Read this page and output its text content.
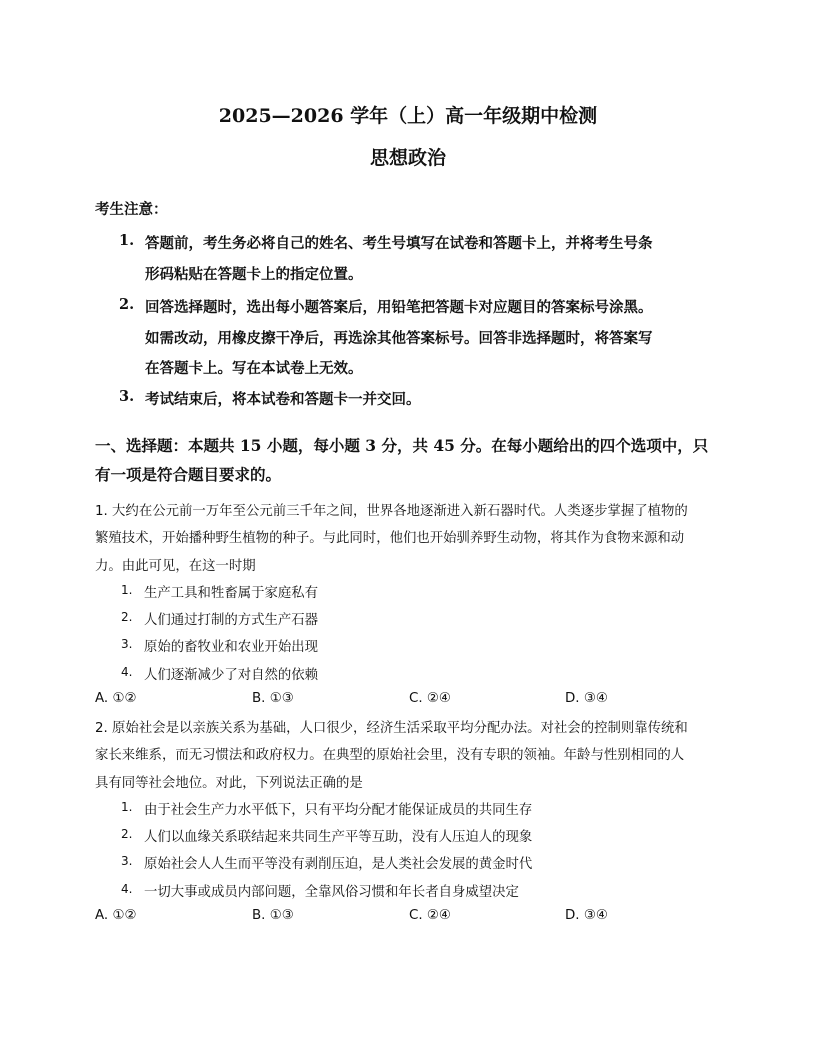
2025—2026 学年（上）高一年级期中检测
思想政治
考生注意：
1. 答题前，考生务必将自己的姓名、考生号填写在试卷和答题卡上，并将考生号条
形码粘贴在答题卡上的指定位置。
2. 回答选择题时，选出每小题答案后，用铅笔把答题卡对应题目的答案标号涂黑。
如需改动，用橡皮擦干净后，再选涂其他答案标号。回答非选择题时，将答案写
在答题卡上。写在本试卷上无效。
3. 考试结束后，将本试卷和答题卡一并交回。
一、选择题：本题共 15 小题，每小题 3 分，共 45 分。在每小题给出的四个选项中，只
有一项是符合题目要求的。
1. 大约在公元前一万年至公元前三千年之间，世界各地逐渐进入新石器时代。人类逐步掌握了植物的
繁殖技术，开始播种野生植物的种子。与此同时，他们也开始驯养野生动物，将其作为食物来源和动
力。由此可见，在这一时期
1. 生产工具和牲畜属于家庭私有
2. 人们通过打制的方式生产石器
3. 原始的畜牧业和农业开始出现
4. 人们逐渐减少了对自然的依赖
A. ①②	B. ①③	C. ②④	D. ③④
2. 原始社会是以亲族关系为基础，人口很少，经济生活采取平均分配办法。对社会的控制则靠传统和
家长来维系，而无习惯法和政府权力。在典型的原始社会里，没有专职的领袖。年龄与性别相同的人
具有同等社会地位。对此，下列说法正确的是
1. 由于社会生产力水平低下，只有平均分配才能保证成员的共同生存
2. 人们以血缘关系联结起来共同生产平等互助，没有人压迫人的现象
3. 原始社会人人生而平等没有剥削压迫，是人类社会发展的黄金时代
4. 一切大事或成员内部问题，全靠风俗习惯和年长者自身威望决定
A. ①②	B. ①③	C. ②④	D. ③④
